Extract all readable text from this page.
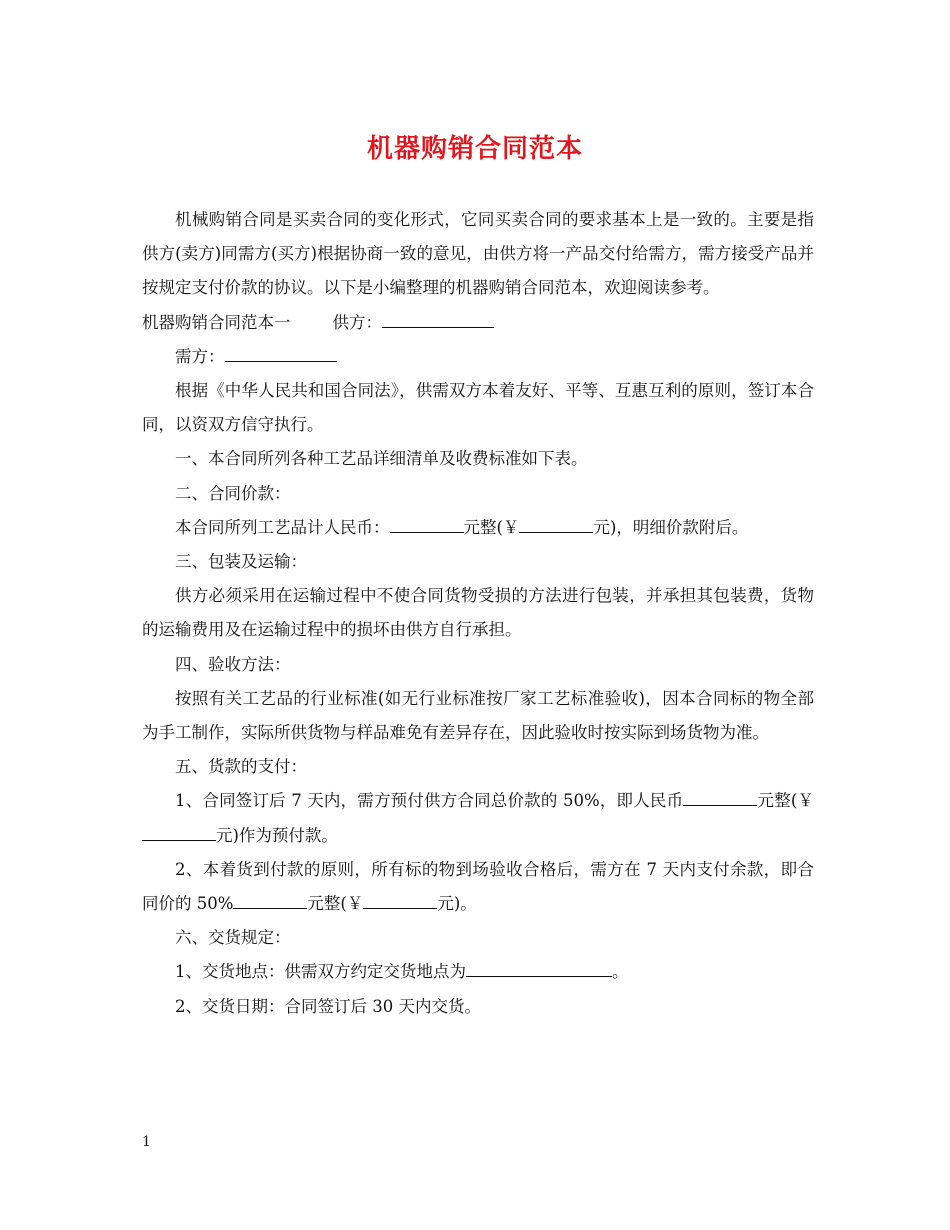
机器购销合同范本

机械购销合同是买卖合同的变化形式，它同买卖合同的要求基本上是一致的。主要是指供方(卖方)同需方(买方)根据协商一致的意见，由供方将一产品交付给需方，需方接受产品并按规定支付价款的协议。以下是小编整理的机器购销合同范本，欢迎阅读参考。

机器购销合同范本一	供方：

需方：

根据《中华人民共和国合同法》，供需双方本着友好、平等、互惠互利的原则，签订本合同，以资双方信守执行。

一、本合同所列各种工艺品详细清单及收费标准如下表。

二、合同价款：

本合同所列工艺品计人民币：	元整(￥	元)，明细价款附后。

三、包装及运输：

供方必须采用在运输过程中不使合同货物受损的方法进行包装，并承担其包装费，货物的运输费用及在运输过程中的损坏由供方自行承担。

四、验收方法：

按照有关工艺品的行业标准(如无行业标准按厂家工艺标准验收)，因本合同标的物全部为手工制作，实际所供货物与样品难免有差异存在，因此验收时按实际到场货物为准。

五、货款的支付：

1、合同签订后 7 天内，需方预付供方合同总价款的 50%，即人民币	元整(￥元)作为预付款。

2、本着货到付款的原则，所有标的物到场验收合格后，需方在 7 天内支付余款，即合同价的 50%	元整(￥	元)。

六、交货规定：

1、交货地点：供需双方约定交货地点为	。

2、交货日期：合同签订后 30 天内交货。

1
